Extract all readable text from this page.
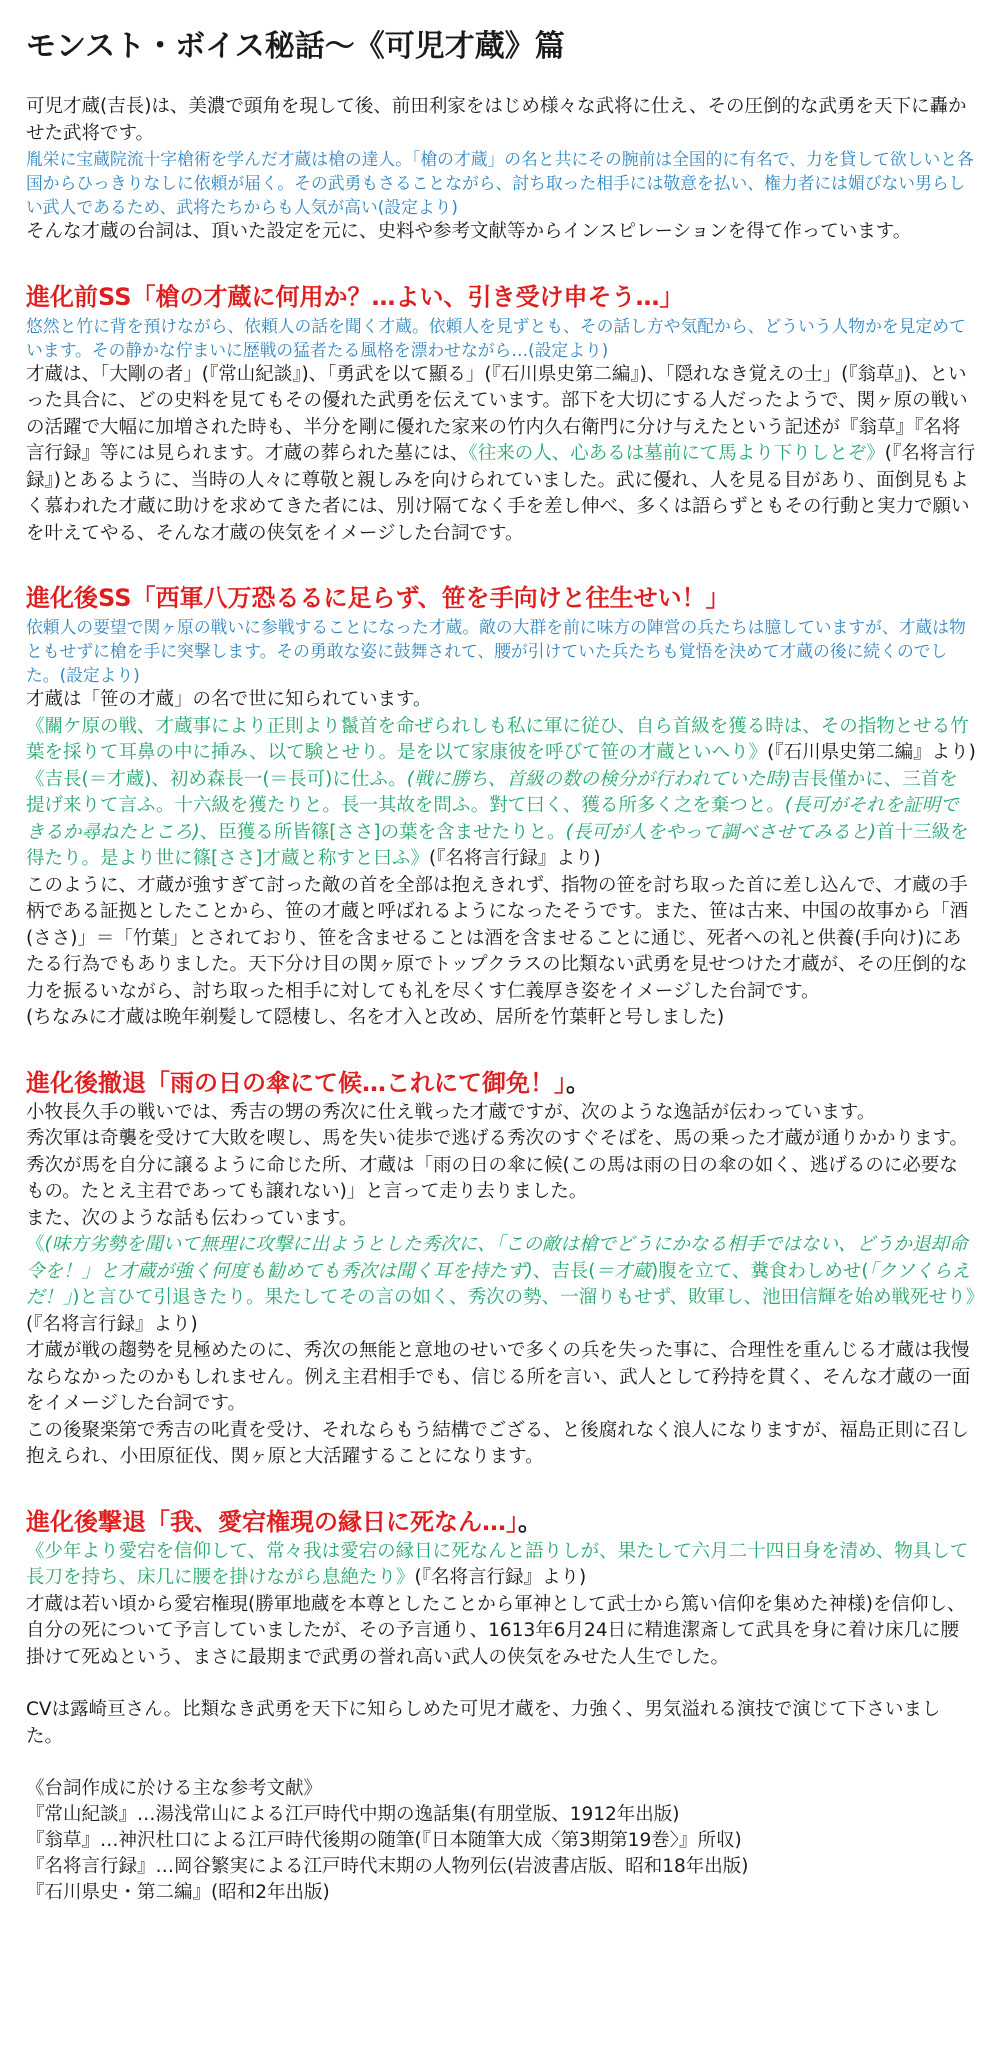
モンスト・ボイス秘話〜《可児才蔵》篇

可児才蔵(吉長)は、美濃で頭角を現して後、前田利家をはじめ様々な武将に仕え、その圧倒的な武勇を天下に轟かせた武将です。

胤栄に宝蔵院流十字槍術を学んだ才蔵は槍の達人。「槍の才蔵」の名と共にその腕前は全国的に有名で、力を貸して欲しいと各国からひっきりなしに依頼が届く。その武勇もさることながら、討ち取った相手には敬意を払い、権力者には媚びない男らしい武人であるため、武将たちからも人気が高い(設定より)

そんな才蔵の台詞は、頂いた設定を元に、史料や参考文献等からインスピレーションを得て作っています。

進化前SS「槍の才蔵に何用か？…よい、引き受け申そう…」

悠然と竹に背を預けながら、依頼人の話を聞く才蔵。依頼人を見ずとも、その話し方や気配から、どういう人物かを見定めています。その静かな佇まいに歴戦の猛者たる風格を漂わせながら…(設定より)

才蔵は、「大剛の者」(『常山紀談』)、「勇武を以て顯る」(『石川県史第二編』)、「隠れなき覚えの士」(『翁草』)、といった具合に、どの史料を見てもその優れた武勇を伝えています。部下を大切にする人だったようで、関ヶ原の戦いの活躍で大幅に加増された時も、半分を剛に優れた家来の竹内久右衛門に分け与えたという記述が『翁草』『名将言行録』等には見られます。才蔵の葬られた墓には、《往来の人、心あるは墓前にて馬より下りしとぞ》(『名将言行録』)とあるように、当時の人々に尊敬と親しみを向けられていました。武に優れ、人を見る目があり、面倒見もよく慕われた才蔵に助けを求めてきた者には、別け隔てなく手を差し伸べ、多くは語らずともその行動と実力で願いを叶えてやる、そんな才蔵の侠気をイメージした台詞です。

進化後SS「西軍八万恐るるに足らず、笹を手向けと往生せい！」

依頼人の要望で関ヶ原の戦いに参戦することになった才蔵。敵の大群を前に味方の陣営の兵たちは臆していますが、才蔵は物ともせずに槍を手に突撃します。その勇敢な姿に鼓舞されて、腰が引けていた兵たちも覚悟を決めて才蔵の後に続くのでした。(設定より)

才蔵は「笹の才蔵」の名で世に知られています。

《關ケ原の戦、才蔵事により正則より鬣首を命ぜられしも私に軍に従ひ、自ら首級を獲る時は、その指物とせる竹葉を採りて耳鼻の中に挿み、以て験とせり。是を以て家康彼を呼びて笹の才蔵といへり》(『石川県史第二編』より)

《吉長(＝才蔵)、初め森長一(＝長可)に仕ふ。(戦に勝ち、首級の数の検分が行われていた時)吉長僅かに、三首を提げ来りて言ふ。十六級を獲たりと。長一其故を問ふ。對て曰く、獲る所多く之を棄つと。(長可がそれを証明できるか尋ねたところ)、臣獲る所皆篠[ささ]の葉を含ませたりと。(長可が人をやって調べさせてみると)首十三級を得たり。是より世に篠[ささ]才蔵と称すと曰ふ》(『名将言行録』より)

このように、才蔵が強すぎて討った敵の首を全部は抱えきれず、指物の笹を討ち取った首に差し込んで、才蔵の手柄である証拠としたことから、笹の才蔵と呼ばれるようになったそうです。また、笹は古来、中国の故事から「酒(ささ)」＝「竹葉」とされており、笹を含ませることは酒を含ませることに通じ、死者への礼と供養(手向け)にあたる行為でもありました。天下分け目の関ヶ原でトップクラスの比類ない武勇を見せつけた才蔵が、その圧倒的な力を振るいながら、討ち取った相手に対しても礼を尽くす仁義厚き姿をイメージした台詞です。

(ちなみに才蔵は晩年剃髪して隠棲し、名を才入と改め、居所を竹葉軒と号しました)

進化後撤退「雨の日の傘にて候…これにて御免！」。

小牧長久手の戦いでは、秀吉の甥の秀次に仕え戦った才蔵ですが、次のような逸話が伝わっています。

秀次軍は奇襲を受けて大敗を喫し、馬を失い徒歩で逃げる秀次のすぐそばを、馬の乗った才蔵が通りかかります。秀次が馬を自分に譲るように命じた所、才蔵は「雨の日の傘に候(この馬は雨の日の傘の如く、逃げるのに必要なもの。たとえ主君であっても譲れない)」と言って走り去りました。

また、次のような話も伝わっています。

《(味方劣勢を聞いて無理に攻撃に出ようとした秀次に、「この敵は槍でどうにかなる相手ではない、どうか退却命令を！」と才蔵が強く何度も勧めても秀次は聞く耳を持たず)、吉長(＝才蔵)腹を立て、糞食わしめせ(「クソくらえだ！」)と言ひて引退きたり。果たしてその言の如く、秀次の勢、一溜りもせず、敗軍し、池田信輝を始め戦死せり》(『名将言行録』より)

才蔵が戦の趨勢を見極めたのに、秀次の無能と意地のせいで多くの兵を失った事に、合理性を重んじる才蔵は我慢ならなかったのかもしれません。例え主君相手でも、信じる所を言い、武人として矜持を貫く、そんな才蔵の一面をイメージした台詞です。

この後聚楽第で秀吉の叱責を受け、それならもう結構でござる、と後腐れなく浪人になりますが、福島正則に召し抱えられ、小田原征伐、関ヶ原と大活躍することになります。

進化後撃退「我、愛宕権現の縁日に死なん…」。

《少年より愛宕を信仰して、常々我は愛宕の縁日に死なんと語りしが、果たして六月二十四日身を清め、物具して長刀を持ち、床几に腰を掛けながら息絶たり》(『名将言行録』より)

才蔵は若い頃から愛宕権現(勝軍地蔵を本尊としたことから軍神として武士から篤い信仰を集めた神様)を信仰し、自分の死について予言していましたが、その予言通り、1613年6月24日に精進潔斎して武具を身に着け床几に腰掛けて死ぬという、まさに最期まで武勇の誉れ高い武人の侠気をみせた人生でした。

CVは露崎亘さん。比類なき武勇を天下に知らしめた可児才蔵を、力強く、男気溢れる演技で演じて下さいました。

《台詞作成に於ける主な参考文献》

『常山紀談』…湯浅常山による江戸時代中期の逸話集(有朋堂版、1912年出版)

『翁草』…神沢杜口による江戸時代後期の随筆(『日本随筆大成〈第3期第19巻〉』所収)

『名将言行録』…岡谷繁実による江戸時代末期の人物列伝(岩波書店版、昭和18年出版)

『石川県史・第二編』(昭和2年出版)
